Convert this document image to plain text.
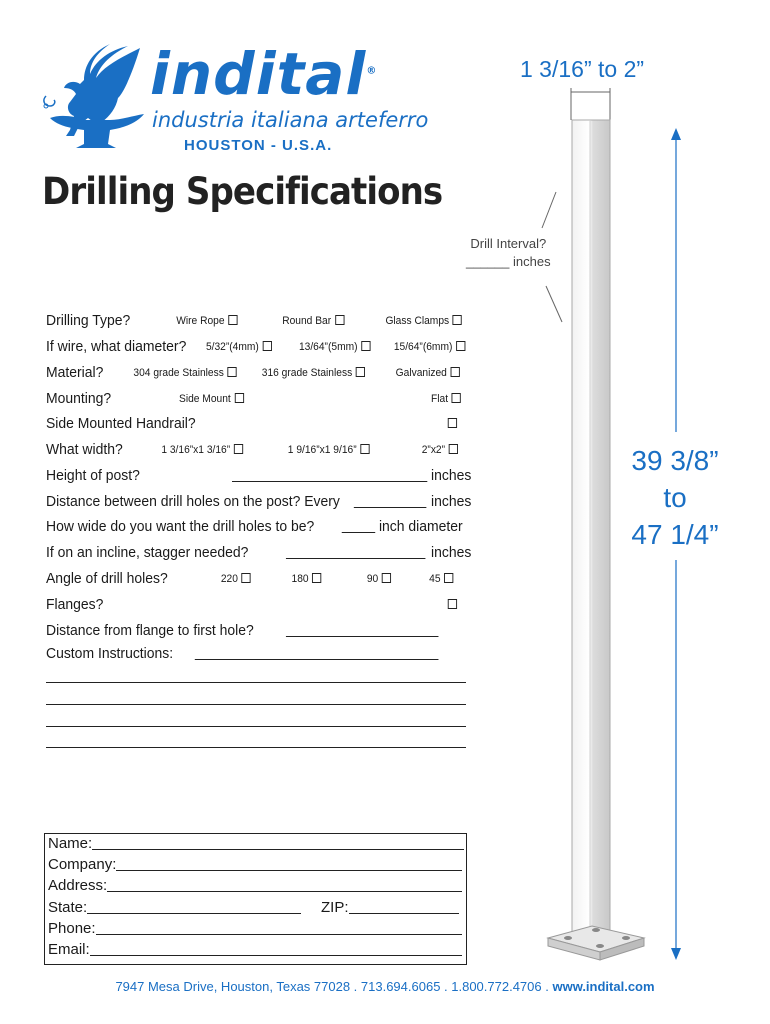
indital®
industria italiana arteferro
HOUSTON - U.S.A.
Drilling Specifications
1 3/16” to 2”
Drill Interval?
______ inches
39 3/8”
to
47 1/4”
Drilling Type?	Wire Rope	Round Bar	Glass Clamps
If wire, what diameter? 5/32”(4mm)	13/64”(5mm)	15/64”(6mm)
Material?	304 grade Stainless	316 grade Stainless	Galvanized
Mounting?	Side Mount	Flat
Side Mounted Handrail?
What width?	1 3/16”x1 3/16”	1 9/16”x1 9/16”	2”x2”
Height of post?	inches
Distance between drill holes on the post? Every	inches
How wide do you want the drill holes to be?	inch diameter
If on an incline, stagger needed?	inches
Angle of drill holes?	220	180	90	45
Flanges?
Distance from flange to first hole?
Custom Instructions:
Name:
Company:
Address:
State:	ZIP:
Phone:
Email:
7947 Mesa Drive, Houston, Texas 77028 . 713.694.6065 . 1.800.772.4706 . www.indital.com
